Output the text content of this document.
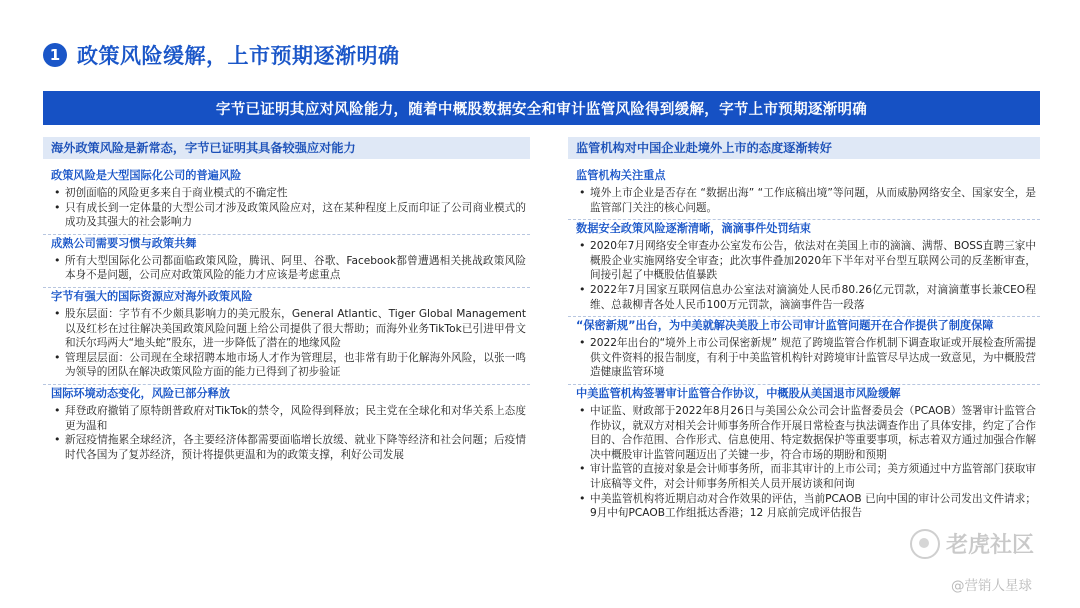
1 政策风险缓解，上市预期逐渐明确
字节已证明其应对风险能力，随着中概股数据安全和审计监管风险得到缓解，字节上市预期逐渐明确
海外政策风险是新常态，字节已证明其具备较强应对能力
政策风险是大型国际化公司的普遍风险
• 初创面临的风险更多来自于商业模式的不确定性
• 只有成长到一定体量的大型公司才涉及政策风险应对，这在某种程度上反而印证了公司商业模式的成功及其强大的社会影响力
成熟公司需要习惯与政策共舞
• 所有大型国际化公司都面临政策风险，腾讯、阿里、谷歌、Facebook都曾遭遇相关挑战政策风险本身不是问题，公司应对政策风险的能力才应该是考虑重点
字节有强大的国际资源应对海外政策风险
• 股东层面：字节有不少颇具影响力的美元股东，General Atlantic、Tiger Global Management以及红杉在过往解决美国政策风险问题上给公司提供了很大帮助；而海外业务TikTok已引进甲骨文和沃尔玛两大“地头蛇”股东，进一步降低了潜在的地缘风险
• 管理层层面：公司现在全球招聘本地市场人才作为管理层，也非常有助于化解海外风险，以张一鸣为领导的团队在解决政策风险方面的能力已得到了初步验证
国际环境动态变化，风险已部分释放
• 拜登政府撤销了原特朗普政府对TikTok的禁令，风险得到释放；民主党在全球化和对华关系上态度更为温和
• 新冠疫情拖累全球经济，各主要经济体都需要面临增长放缓、就业下降等经济和社会问题；后疫情时代各国为了复苏经济，预计将提供更温和为的政策支撑，利好公司发展
监管机构对中国企业赴境外上市的态度逐渐转好
监管机构关注重点
• 境外上市企业是否存在 “数据出海” “工作底稿出境”等问题，从而威胁网络安全、国家安全，是监管部门关注的核心问题。
数据安全政策风险逐渐清晰，滴滴事件处罚结束
• 2020年7月网络安全审查办公室发布公告，依法对在美国上市的滴滴、满帮、BOSS直聘三家中概股企业实施网络安全审查；此次事件叠加2020年下半年对平台型互联网公司的反垄断审查，间接引起了中概股估值暴跌
• 2022年7月国家互联网信息办公室法对滴滴处人民币80.26亿元罚款，对滴滴董事长兼CEO程维、总裁柳青各处人民币100万元罚款，滴滴事件告一段落
“保密新规”出台，为中美就解决美股上市公司审计监管问题开在合作提供了制度保障
• 2022年出台的“境外上市公司保密新规” 规范了跨境监管合作机制下调查取证或开展检查所需提供文件资料的报告制度，有利于中美监管机构针对跨境审计监管尽早达成一致意见，为中概股营造健康监管环境
中美监管机构签署审计监管合作协议，中概股从美国退市风险缓解
• 中证监、财政部于2022年8月26日与美国公众公司会计监督委员会（PCAOB）签署审计监管合作协议，就双方对相关会计师事务所合作开展日常检查与执法调查作出了具体安排，约定了合作目的、合作范围、合作形式、信息使用、特定数据保护等重要事项，标志着双方通过加强合作解决中概股审计监管问题迈出了关键一步，符合市场的期盼和预期
• 审计监管的直接对象是会计师事务所，而非其审计的上市公司；美方须通过中方监管部门获取审计底稿等文件，对会计师事务所相关人员开展访谈和问询
• 中美监管机构将近期启动对合作效果的评估，当前PCAOB 已向中国的审计公司发出文件请求；9月中旬PCAOB工作组抵达香港；12 月底前完成评估报告
老虎社区
@营销人星球
